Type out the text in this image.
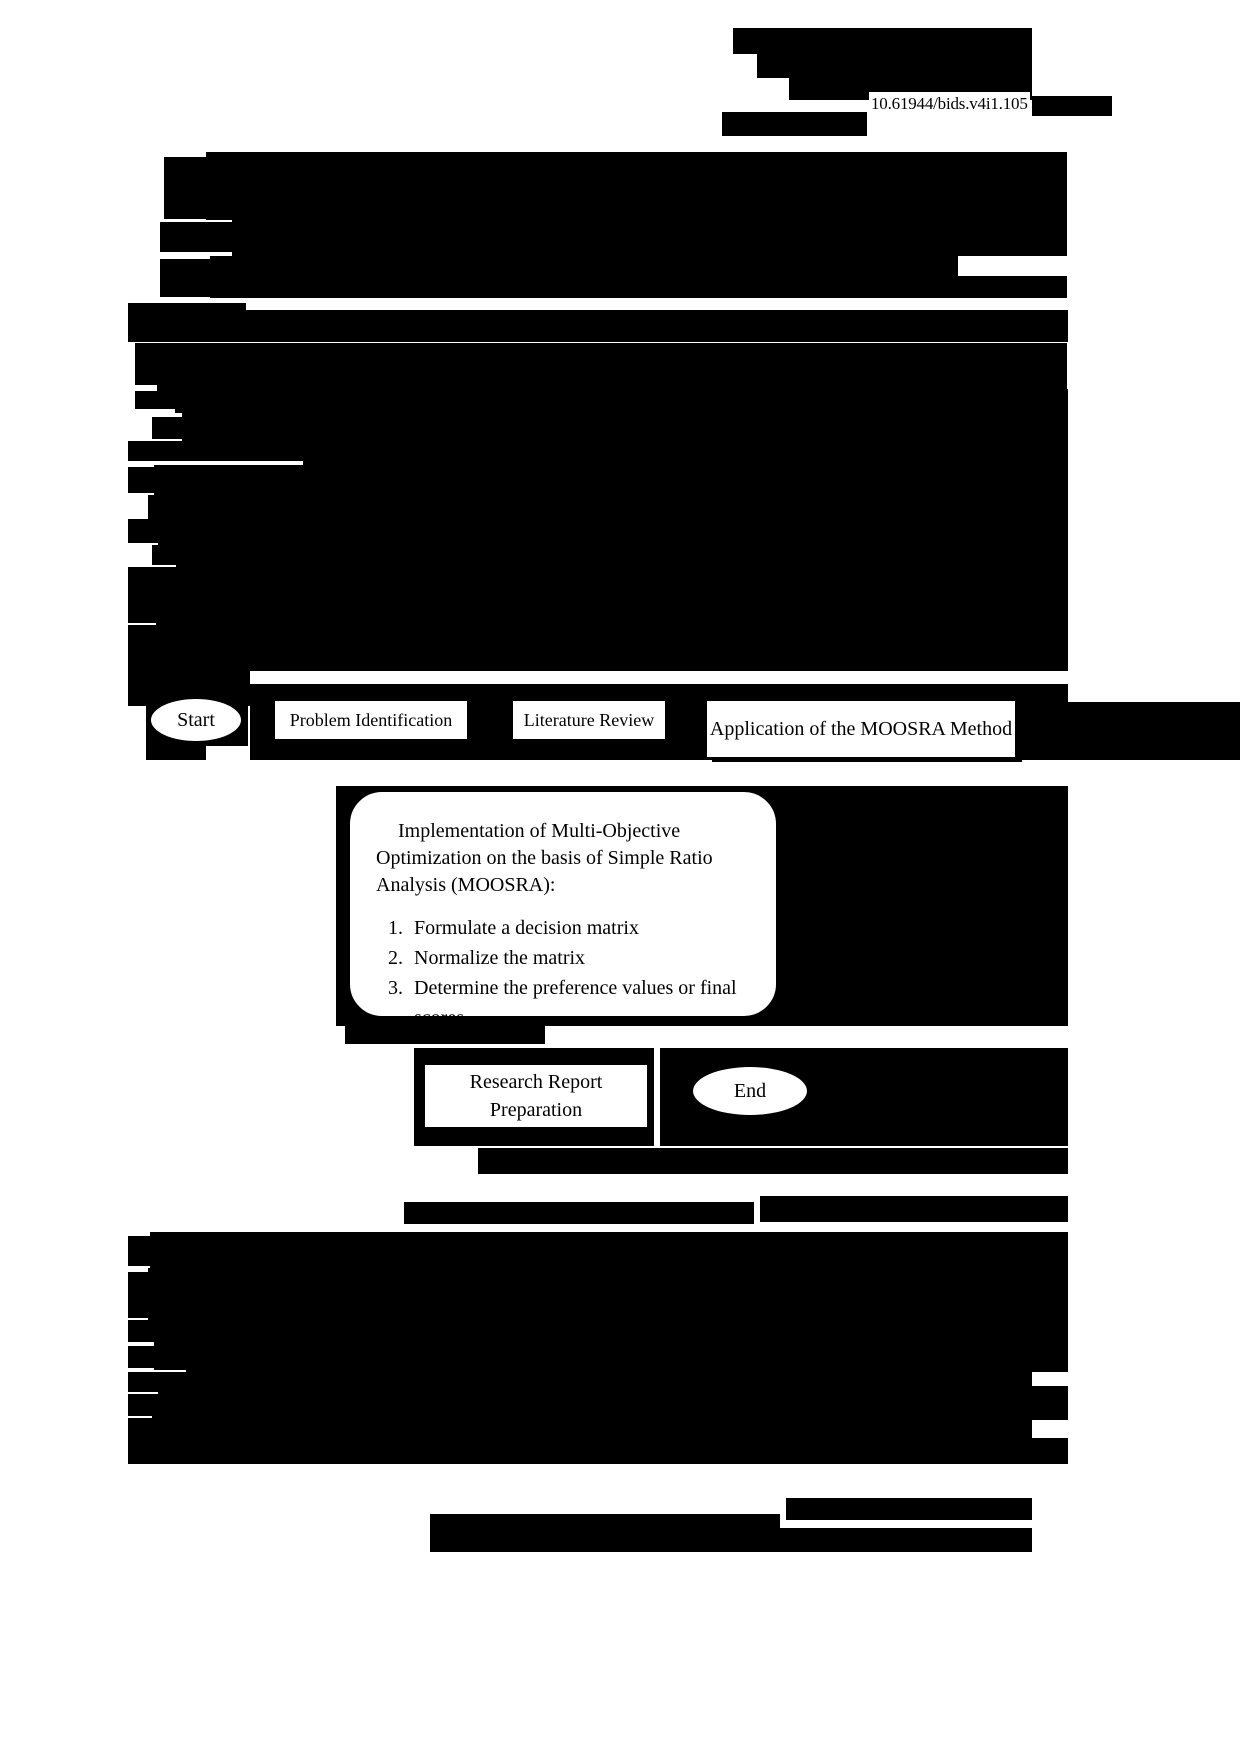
10.61944/bids.v4i1.105
Start	Problem Identification	Literature Review	Application of the MOOSRA Method
Implementation of Multi-Objective Optimization on the basis of Simple Ratio Analysis (MOOSRA):
1. Formulate a decision matrix
2. Normalize the matrix
3. Determine the preference values or final scores
Research Report Preparation
End
